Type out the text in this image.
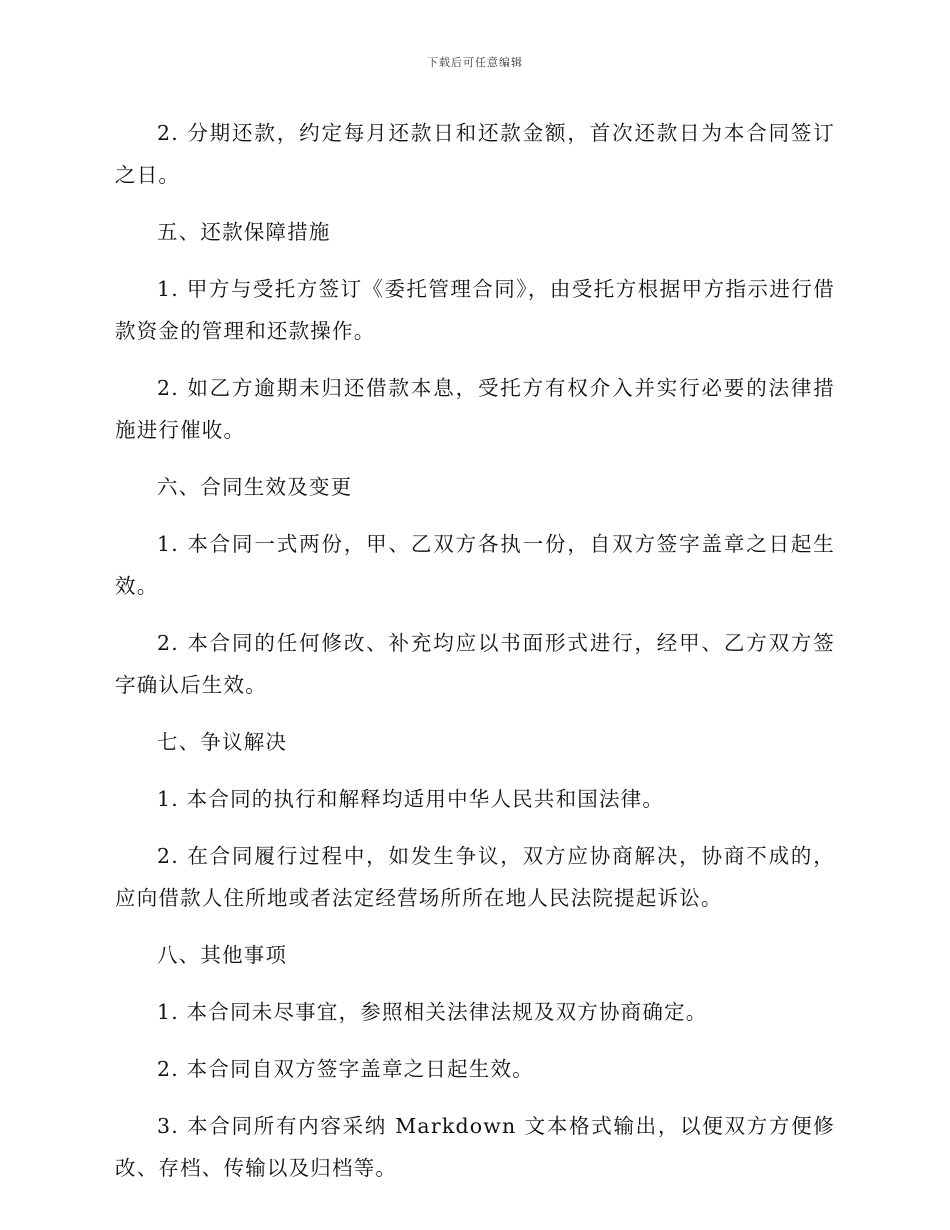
下载后可任意编辑

2. 分期还款，约定每月还款日和还款金额，首次还款日为本合同签订之日。

五、还款保障措施

1. 甲方与受托方签订《委托管理合同》，由受托方根据甲方指示进行借款资金的管理和还款操作。

2. 如乙方逾期未归还借款本息，受托方有权介入并实行必要的法律措施进行催收。

六、合同生效及变更

1. 本合同一式两份，甲、乙双方各执一份，自双方签字盖章之日起生效。

2. 本合同的任何修改、补充均应以书面形式进行，经甲、乙方双方签字确认后生效。

七、争议解决

1. 本合同的执行和解释均适用中华人民共和国法律。

2. 在合同履行过程中，如发生争议，双方应协商解决，协商不成的，应向借款人住所地或者法定经营场所所在地人民法院提起诉讼。

八、其他事项

1. 本合同未尽事宜，参照相关法律法规及双方协商确定。

2. 本合同自双方签字盖章之日起生效。

3. 本合同所有内容采纳 Markdown 文本格式输出，以便双方方便修改、存档、传输以及归档等。
